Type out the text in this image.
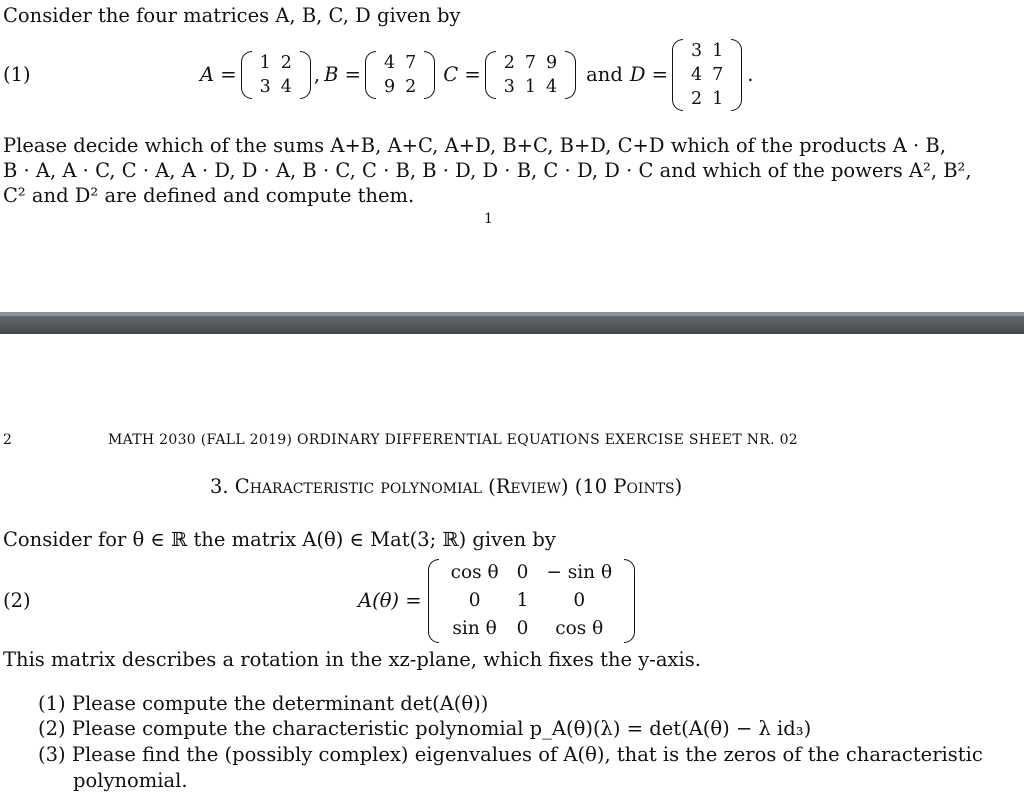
Consider the four matrices A, B, C, D given by
(1)	A =
1	2
3	4
, B =
4	7
9	2
C =
2	7	9
3	1	4
and D =
3	1
4	7
2	1
.
Please decide which of the sums A+B, A+C, A+D, B+C, B+D, C+D which of the products A · B,
B · A, A · C, C · A, A · D, D · A, B · C, C · B, B · D, D · B, C · D, D · C and which of the powers A², B²,
C² and D² are defined and compute them.
1
2	MATH 2030 (FALL 2019) ORDINARY DIFFERENTIAL EQUATIONS EXERCISE SHEET NR. 02
3. Characteristic polynomial (Review) (10 Points)
Consider for θ ∈ ℝ the matrix A(θ) ∈ Mat(3; ℝ) given by
(2)	A(θ) =
cos θ	0	− sin θ
0	1	0
sin θ	0	cos θ
This matrix describes a rotation in the xz-plane, which fixes the y-axis.
(1) Please compute the determinant det(A(θ))
(2) Please compute the characteristic polynomial p_A(θ)(λ) = det(A(θ) − λ id₃)
(3) Please find the (possibly complex) eigenvalues of A(θ), that is the zeros of the characteristic
polynomial.
